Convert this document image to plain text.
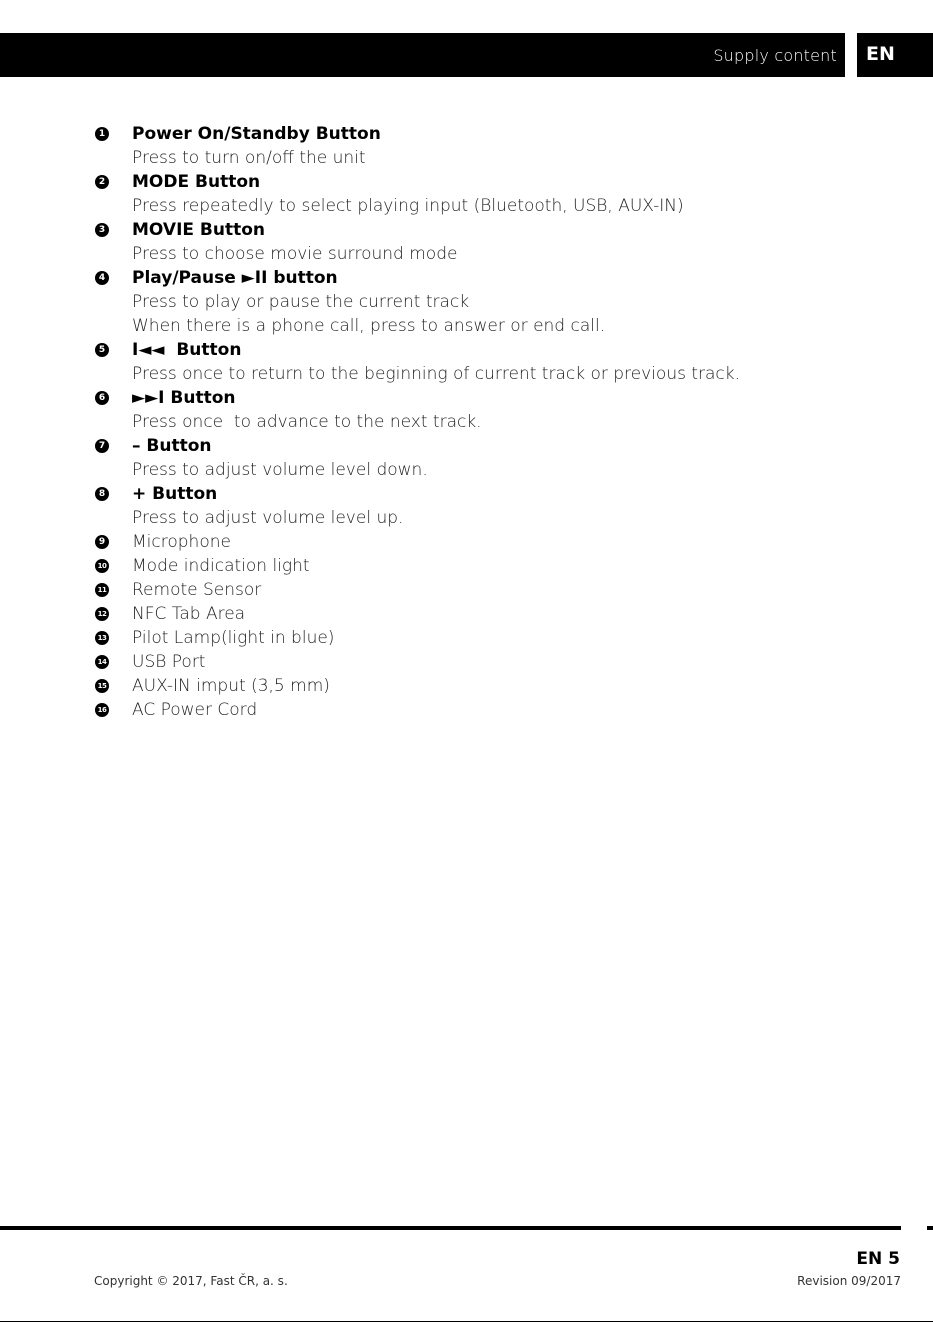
Supply content EN
1 Power On/Standby Button
Press to turn on/off the unit
2 MODE Button
Press repeatedly to select playing input (Bluetooth, USB, AUX-IN)
3 MOVIE Button
Press to choose movie surround mode
4 Play/Pause ►II button
Press to play or pause the current track
When there is a phone call, press to answer or end call.
5 I◄◄  Button
Press once to return to the beginning of current track or previous track.
6 ►►I Button
Press once  to advance to the next track.
7 – Button
Press to adjust volume level down.
8 + Button
Press to adjust volume level up.
9 Microphone
10 Mode indication light
11 Remote Sensor
12 NFC Tab Area
13 Pilot Lamp(light in blue)
14 USB Port
15 AUX-IN imput (3,5 mm)
16 AC Power Cord
EN 5
Copyright © 2017, Fast ČR, a. s.	Revision 09/2017
